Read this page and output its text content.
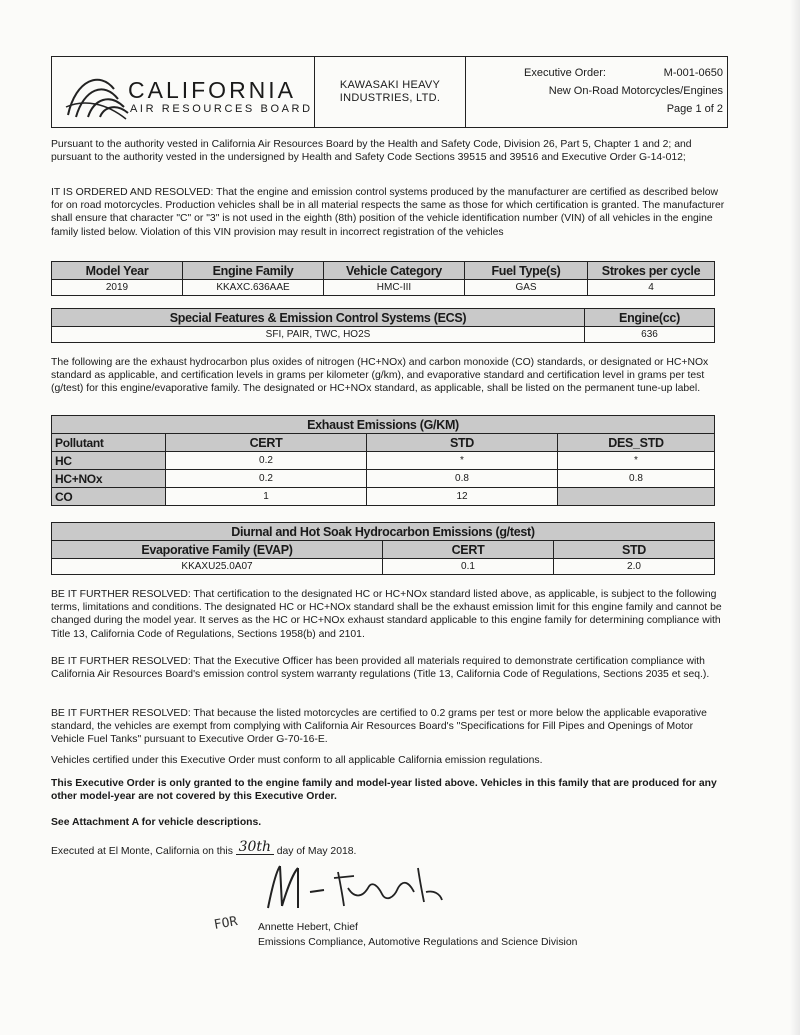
CALIFORNIA
AIR RESOURCES BOARD
KAWASAKI HEAVY INDUSTRIES, LTD.
Executive Order:	M-001-0650
New On-Road Motorcycles/Engines
Page 1 of 2
Pursuant to the authority vested in California Air Resources Board by the Health and Safety Code, Division 26, Part 5, Chapter 1 and 2; and pursuant to the authority vested in the undersigned by Health and Safety Code Sections 39515 and 39516 and Executive Order G-14-012;
IT IS ORDERED AND RESOLVED: That the engine and emission control systems produced by the manufacturer are certified as described below for on road motorcycles. Production vehicles shall be in all material respects the same as those for which certification is granted. The manufacturer shall ensure that character "C" or "3" is not used in the eighth (8th) position of the vehicle identification number (VIN) of all vehicles in the engine family listed below. Violation of this VIN provision may result in incorrect registration of the vehicles
Model Year	Engine Family	Vehicle Category	Fuel Type(s)	Strokes per cycle
2019	KKAXC.636AAE	HMC-III	GAS	4
Special Features & Emission Control Systems (ECS)	Engine(cc)
SFI, PAIR, TWC, HO2S	636
The following are the exhaust hydrocarbon plus oxides of nitrogen (HC+NOx) and carbon monoxide (CO) standards, or designated or HC+NOx standard as applicable, and certification levels in grams per kilometer (g/km), and evaporative standard and certification level in grams per test (g/test) for this engine/evaporative family. The designated or HC+NOx standard, as applicable, shall be listed on the permanent tune-up label.
Exhaust Emissions (G/KM)			
Pollutant	CERT	STD	DES_STD
HC	0.2	*	*
HC+NOx	0.2	0.8	0.8
CO	1	12	
Diurnal and Hot Soak Hydrocarbon Emissions (g/test)		
Evaporative Family (EVAP)	CERT	STD
KKAXU25.0A07	0.1	2.0
BE IT FURTHER RESOLVED: That certification to the designated HC or HC+NOx standard listed above, as applicable, is subject to the following terms, limitations and conditions. The designated HC or HC+NOx standard shall be the exhaust emission limit for this engine family and cannot be changed during the model year. It serves as the HC or HC+NOx exhaust standard applicable to this engine family for determining compliance with Title 13, California Code of Regulations, Sections 1958(b) and 2101.
BE IT FURTHER RESOLVED: That the Executive Officer has been provided all materials required to demonstrate certification compliance with California Air Resources Board's emission control system warranty regulations (Title 13, California Code of Regulations, Sections 2035 et seq.).
BE IT FURTHER RESOLVED: That because the listed motorcycles are certified to 0.2 grams per test or more below the applicable evaporative standard, the vehicles are exempt from complying with California Air Resources Board's "Specifications for Fill Pipes and Openings of Motor Vehicle Fuel Tanks" pursuant to Executive Order G-70-16-E.
Vehicles certified under this Executive Order must conform to all applicable California emission regulations.
This Executive Order is only granted to the engine family and model-year listed above. Vehicles in this family that are produced for any other model-year are not covered by this Executive Order.
See Attachment A for vehicle descriptions.
Executed at El Monte, California on this 30th day of May 2018.
FOR Annette Hebert, Chief
Emissions Compliance, Automotive Regulations and Science Division
